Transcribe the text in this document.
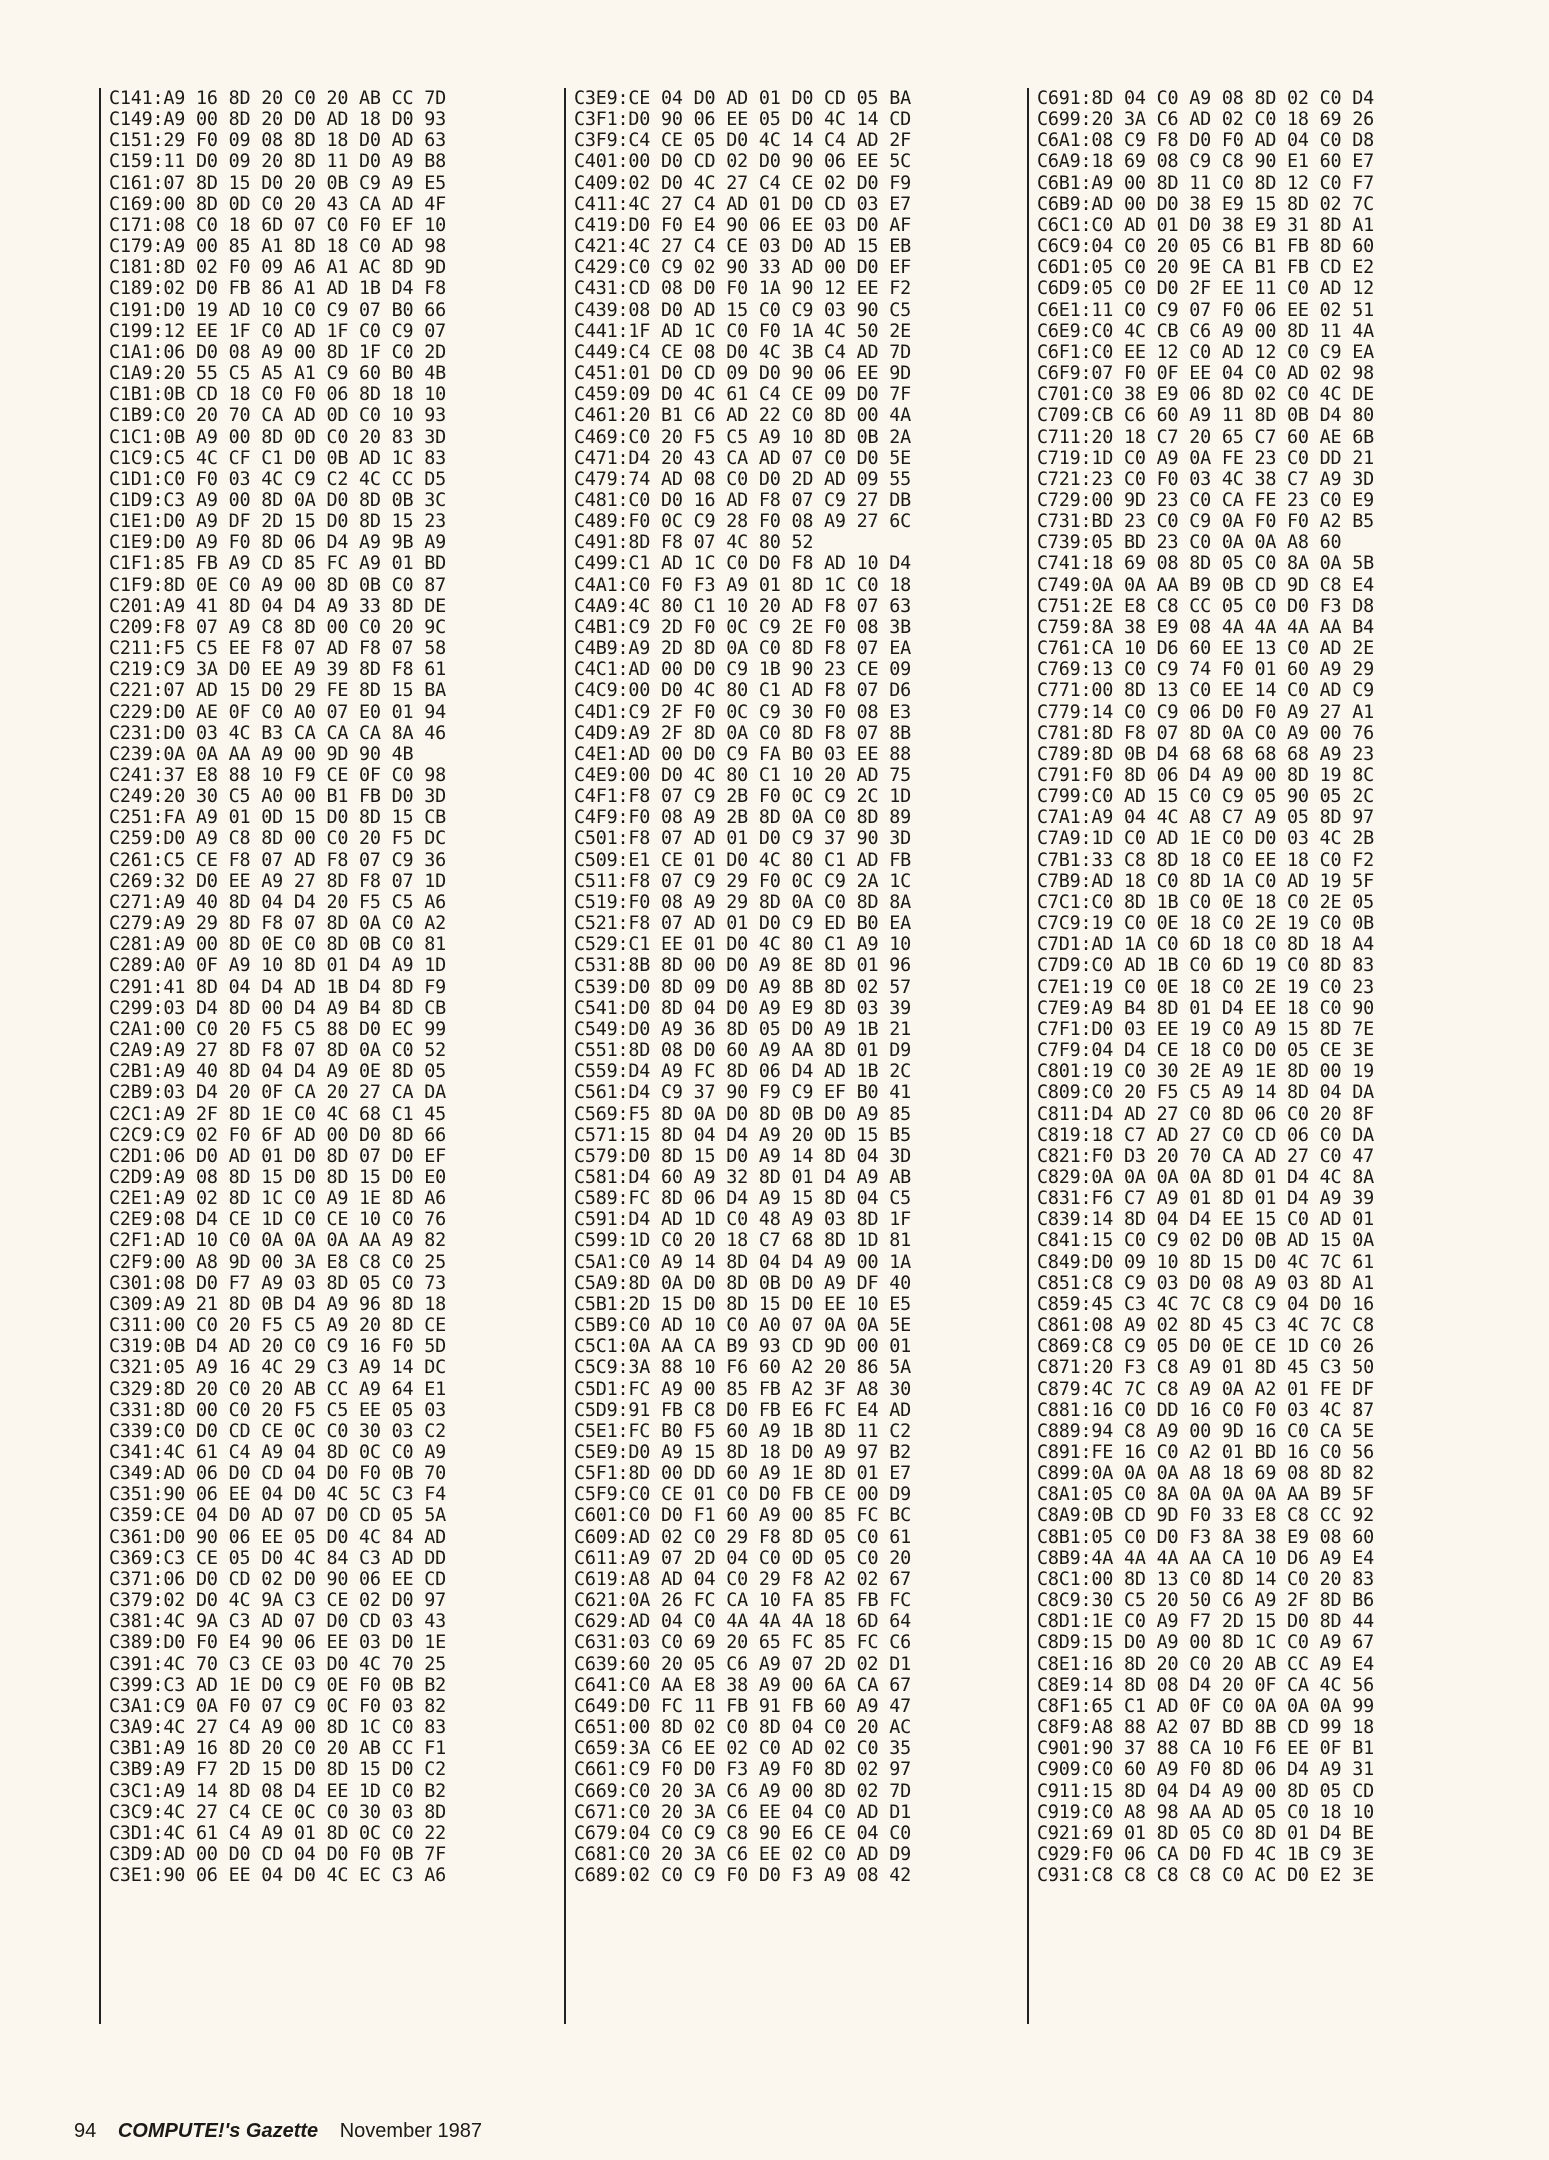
C141:A9 16 8D 20 C0 20 AB CC 7D
C149:A9 00 8D 20 D0 AD 18 D0 93
C151:29 F0 09 08 8D 18 D0 AD 63
C159:11 D0 09 20 8D 11 D0 A9 B8
C161:07 8D 15 D0 20 0B C9 A9 E5
C169:00 8D 0D C0 20 43 CA AD 4F
C171:08 C0 18 6D 07 C0 F0 EF 10
C179:A9 00 85 A1 8D 18 C0 AD 98
C181:8D 02 F0 09 A6 A1 AC 8D 9D
C189:02 D0 FB 86 A1 AD 1B D4 F8
C191:D0 19 AD 10 C0 C9 07 B0 66
C199:12 EE 1F C0 AD 1F C0 C9 07
C1A1:06 D0 08 A9 00 8D 1F C0 2D
C1A9:20 55 C5 A5 A1 C9 60 B0 4B
C1B1:0B CD 18 C0 F0 06 8D 18 10
C1B9:C0 20 70 CA AD 0D C0 10 93
C1C1:0B A9 00 8D 0D C0 20 83 3D
C1C9:C5 4C CF C1 D0 0B AD 1C 83
C1D1:C0 F0 03 4C C9 C2 4C CC D5
C1D9:C3 A9 00 8D 0A D0 8D 0B 3C
C1E1:D0 A9 DF 2D 15 D0 8D 15 23
C1E9:D0 A9 F0 8D 06 D4 A9 9B A9
C1F1:85 FB A9 CD 85 FC A9 01 BD
C1F9:8D 0E C0 A9 00 8D 0B C0 87
C201:A9 41 8D 04 D4 A9 33 8D DE
C209:F8 07 A9 C8 8D 00 C0 20 9C
C211:F5 C5 EE F8 07 AD F8 07 58
C219:C9 3A D0 EE A9 39 8D F8 61
C221:07 AD 15 D0 29 FE 8D 15 BA
C229:D0 AE 0F C0 A0 07 E0 01 94
C231:D0 03 4C B3 CA CA CA 8A 46
C239:0A 0A AA A9 00 9D 90 4B
C241:37 E8 88 10 F9 CE 0F C0 98
C249:20 30 C5 A0 00 B1 FB D0 3D
C251:FA A9 01 0D 15 D0 8D 15 CB
C259:D0 A9 C8 8D 00 C0 20 F5 DC
C261:C5 CE F8 07 AD F8 07 C9 36
C269:32 D0 EE A9 27 8D F8 07 1D
C271:A9 40 8D 04 D4 20 F5 C5 A6
C279:A9 29 8D F8 07 8D 0A C0 A2
C281:A9 00 8D 0E C0 8D 0B C0 81
C289:A0 0F A9 10 8D 01 D4 A9 1D
C291:41 8D 04 D4 AD 1B D4 8D F9
C299:03 D4 8D 00 D4 A9 B4 8D CB
C2A1:00 C0 20 F5 C5 88 D0 EC 99
C2A9:A9 27 8D F8 07 8D 0A C0 52
C2B1:A9 40 8D 04 D4 A9 0E 8D 05
C2B9:03 D4 20 0F CA 20 27 CA DA
C2C1:A9 2F 8D 1E C0 4C 68 C1 45
C2C9:C9 02 F0 6F AD 00 D0 8D 66
C2D1:06 D0 AD 01 D0 8D 07 D0 EF
C2D9:A9 08 8D 15 D0 8D 15 D0 E0
C2E1:A9 02 8D 1C C0 A9 1E 8D A6
C2E9:08 D4 CE 1D C0 CE 10 C0 76
C2F1:AD 10 C0 0A 0A 0A AA A9 82
C2F9:00 A8 9D 00 3A E8 C8 C0 25
C301:08 D0 F7 A9 03 8D 05 C0 73
C309:A9 21 8D 0B D4 A9 96 8D 18
C311:00 C0 20 F5 C5 A9 20 8D CE
C319:0B D4 AD 20 C0 C9 16 F0 5D
C321:05 A9 16 4C 29 C3 A9 14 DC
C329:8D 20 C0 20 AB CC A9 64 E1
C331:8D 00 C0 20 F5 C5 EE 05 03
C339:C0 D0 CD CE 0C C0 30 03 C2
C341:4C 61 C4 A9 04 8D 0C C0 A9
C349:AD 06 D0 CD 04 D0 F0 0B 70
C351:90 06 EE 04 D0 4C 5C C3 F4
C359:CE 04 D0 AD 07 D0 CD 05 5A
C361:D0 90 06 EE 05 D0 4C 84 AD
C369:C3 CE 05 D0 4C 84 C3 AD DD
C371:06 D0 CD 02 D0 90 06 EE CD
C379:02 D0 4C 9A C3 CE 02 D0 97
C381:4C 9A C3 AD 07 D0 CD 03 43
C389:D0 F0 E4 90 06 EE 03 D0 1E
C391:4C 70 C3 CE 03 D0 4C 70 25
C399:C3 AD 1E D0 C9 0E F0 0B B2
C3A1:C9 0A F0 07 C9 0C F0 03 82
C3A9:4C 27 C4 A9 00 8D 1C C0 83
C3B1:A9 16 8D 20 C0 20 AB CC F1
C3B9:A9 F7 2D 15 D0 8D 15 D0 C2
C3C1:A9 14 8D 08 D4 EE 1D C0 B2
C3C9:4C 27 C4 CE 0C C0 30 03 8D
C3D1:4C 61 C4 A9 01 8D 0C C0 22
C3D9:AD 00 D0 CD 04 D0 F0 0B 7F
C3E1:90 06 EE 04 D0 4C EC C3 A6
C3E9:CE 04 D0 AD 01 D0 CD 05 BA
C3F1:D0 90 06 EE 05 D0 4C 14 CD
C3F9:C4 CE 05 D0 4C 14 C4 AD 2F
C401:00 D0 CD 02 D0 90 06 EE 5C
C409:02 D0 4C 27 C4 CE 02 D0 F9
C411:4C 27 C4 AD 01 D0 CD 03 E7
C419:D0 F0 E4 90 06 EE 03 D0 AF
C421:4C 27 C4 CE 03 D0 AD 15 EB
C429:C0 C9 02 90 33 AD 00 D0 EF
C431:CD 08 D0 F0 1A 90 12 EE F2
C439:08 D0 AD 15 C0 C9 03 90 C5
C441:1F AD 1C C0 F0 1A 4C 50 2E
C449:C4 CE 08 D0 4C 3B C4 AD 7D
C451:01 D0 CD 09 D0 90 06 EE 9D
C459:09 D0 4C 61 C4 CE 09 D0 7F
C461:20 B1 C6 AD 22 C0 8D 00 4A
C469:C0 20 F5 C5 A9 10 8D 0B 2A
C471:D4 20 43 CA AD 07 C0 D0 5E
C479:74 AD 08 C0 D0 2D AD 09 55
C481:C0 D0 16 AD F8 07 C9 27 DB
C489:F0 0C C9 28 F0 08 A9 27 6C
C491:8D F8 07 4C 80 52
C499:C1 AD 1C C0 D0 F8 AD 10 D4
C4A1:C0 F0 F3 A9 01 8D 1C C0 18
C4A9:4C 80 C1 10 20 AD F8 07 63
C4B1:C9 2D F0 0C C9 2E F0 08 3B
C4B9:A9 2D 8D 0A C0 8D F8 07 EA
C4C1:AD 00 D0 C9 1B 90 23 CE 09
C4C9:00 D0 4C 80 C1 AD F8 07 D6
C4D1:C9 2F F0 0C C9 30 F0 08 E3
C4D9:A9 2F 8D 0A C0 8D F8 07 8B
C4E1:AD 00 D0 C9 FA B0 03 EE 88
C4E9:00 D0 4C 80 C1 10 20 AD 75
C4F1:F8 07 C9 2B F0 0C C9 2C 1D
C4F9:F0 08 A9 2B 8D 0A C0 8D 89
C501:F8 07 AD 01 D0 C9 37 90 3D
C509:E1 CE 01 D0 4C 80 C1 AD FB
C511:F8 07 C9 29 F0 0C C9 2A 1C
C519:F0 08 A9 29 8D 0A C0 8D 8A
C521:F8 07 AD 01 D0 C9 ED B0 EA
C529:C1 EE 01 D0 4C 80 C1 A9 10
C531:8B 8D 00 D0 A9 8E 8D 01 96
C539:D0 8D 09 D0 A9 8B 8D 02 57
C541:D0 8D 04 D0 A9 E9 8D 03 39
C549:D0 A9 36 8D 05 D0 A9 1B 21
C551:8D 08 D0 60 A9 AA 8D 01 D9
C559:D4 A9 FC 8D 06 D4 AD 1B 2C
C561:D4 C9 37 90 F9 C9 EF B0 41
C569:F5 8D 0A D0 8D 0B D0 A9 85
C571:15 8D 04 D4 A9 20 0D 15 B5
C579:D0 8D 15 D0 A9 14 8D 04 3D
C581:D4 60 A9 32 8D 01 D4 A9 AB
C589:FC 8D 06 D4 A9 15 8D 04 C5
C591:D4 AD 1D C0 48 A9 03 8D 1F
C599:1D C0 20 18 C7 68 8D 1D 81
C5A1:C0 A9 14 8D 04 D4 A9 00 1A
C5A9:8D 0A D0 8D 0B D0 A9 DF 40
C5B1:2D 15 D0 8D 15 D0 EE 10 E5
C5B9:C0 AD 10 C0 A0 07 0A 0A 5E
C5C1:0A AA CA B9 93 CD 9D 00 01
C5C9:3A 88 10 F6 60 A2 20 86 5A
C5D1:FC A9 00 85 FB A2 3F A8 30
C5D9:91 FB C8 D0 FB E6 FC E4 AD
C5E1:FC B0 F5 60 A9 1B 8D 11 C2
C5E9:D0 A9 15 8D 18 D0 A9 97 B2
C5F1:8D 00 DD 60 A9 1E 8D 01 E7
C5F9:C0 CE 01 C0 D0 FB CE 00 D9
C601:C0 D0 F1 60 A9 00 85 FC BC
C609:AD 02 C0 29 F8 8D 05 C0 61
C611:A9 07 2D 04 C0 0D 05 C0 20
C619:A8 AD 04 C0 29 F8 A2 02 67
C621:0A 26 FC CA 10 FA 85 FB FC
C629:AD 04 C0 4A 4A 4A 18 6D 64
C631:03 C0 69 20 65 FC 85 FC C6
C639:60 20 05 C6 A9 07 2D 02 D1
C641:C0 AA E8 38 A9 00 6A CA 67
C649:D0 FC 11 FB 91 FB 60 A9 47
C651:00 8D 02 C0 8D 04 C0 20 AC
C659:3A C6 EE 02 C0 AD 02 C0 35
C661:C9 F0 D0 F3 A9 F0 8D 02 97
C669:C0 20 3A C6 A9 00 8D 02 7D
C671:C0 20 3A C6 EE 04 C0 AD D1
C679:04 C0 C9 C8 90 E6 CE 04 C0
C681:C0 20 3A C6 EE 02 C0 AD D9
C689:02 C0 C9 F0 D0 F3 A9 08 42
C691:8D 04 C0 A9 08 8D 02 C0 D4
C699:20 3A C6 AD 02 C0 18 69 26
C6A1:08 C9 F8 D0 F0 AD 04 C0 D8
C6A9:18 69 08 C9 C8 90 E1 60 E7
C6B1:A9 00 8D 11 C0 8D 12 C0 F7
C6B9:AD 00 D0 38 E9 15 8D 02 7C
C6C1:C0 AD 01 D0 38 E9 31 8D A1
C6C9:04 C0 20 05 C6 B1 FB 8D 60
C6D1:05 C0 20 9E CA B1 FB CD E2
C6D9:05 C0 D0 2F EE 11 C0 AD 12
C6E1:11 C0 C9 07 F0 06 EE 02 51
C6E9:C0 4C CB C6 A9 00 8D 11 4A
C6F1:C0 EE 12 C0 AD 12 C0 C9 EA
C6F9:07 F0 0F EE 04 C0 AD 02 98
C701:C0 38 E9 06 8D 02 C0 4C DE
C709:CB C6 60 A9 11 8D 0B D4 80
C711:20 18 C7 20 65 C7 60 AE 6B
C719:1D C0 A9 0A FE 23 C0 DD 21
C721:23 C0 F0 03 4C 38 C7 A9 3D
C729:00 9D 23 C0 CA FE 23 C0 E9
C731:BD 23 C0 C9 0A F0 F0 A2 B5
C739:05 BD 23 C0 0A 0A A8 60
C741:18 69 08 8D 05 C0 8A 0A 5B
C749:0A 0A AA B9 0B CD 9D C8 E4
C751:2E E8 C8 CC 05 C0 D0 F3 D8
C759:8A 38 E9 08 4A 4A 4A AA B4
C761:CA 10 D6 60 EE 13 C0 AD 2E
C769:13 C0 C9 74 F0 01 60 A9 29
C771:00 8D 13 C0 EE 14 C0 AD C9
C779:14 C0 C9 06 D0 F0 A9 27 A1
C781:8D F8 07 8D 0A C0 A9 00 76
C789:8D 0B D4 68 68 68 68 A9 23
C791:F0 8D 06 D4 A9 00 8D 19 8C
C799:C0 AD 15 C0 C9 05 90 05 2C
C7A1:A9 04 4C A8 C7 A9 05 8D 97
C7A9:1D C0 AD 1E C0 D0 03 4C 2B
C7B1:33 C8 8D 18 C0 EE 18 C0 F2
C7B9:AD 18 C0 8D 1A C0 AD 19 5F
C7C1:C0 8D 1B C0 0E 18 C0 2E 05
C7C9:19 C0 0E 18 C0 2E 19 C0 0B
C7D1:AD 1A C0 6D 18 C0 8D 18 A4
C7D9:C0 AD 1B C0 6D 19 C0 8D 83
C7E1:19 C0 0E 18 C0 2E 19 C0 23
C7E9:A9 B4 8D 01 D4 EE 18 C0 90
C7F1:D0 03 EE 19 C0 A9 15 8D 7E
C7F9:04 D4 CE 18 C0 D0 05 CE 3E
C801:19 C0 30 2E A9 1E 8D 00 19
C809:C0 20 F5 C5 A9 14 8D 04 DA
C811:D4 AD 27 C0 8D 06 C0 20 8F
C819:18 C7 AD 27 C0 CD 06 C0 DA
C821:F0 D3 20 70 CA AD 27 C0 47
C829:0A 0A 0A 0A 8D 01 D4 4C 8A
C831:F6 C7 A9 01 8D 01 D4 A9 39
C839:14 8D 04 D4 EE 15 C0 AD 01
C841:15 C0 C9 02 D0 0B AD 15 0A
C849:D0 09 10 8D 15 D0 4C 7C 61
C851:C8 C9 03 D0 08 A9 03 8D A1
C859:45 C3 4C 7C C8 C9 04 D0 16
C861:08 A9 02 8D 45 C3 4C 7C C8
C869:C8 C9 05 D0 0E CE 1D C0 26
C871:20 F3 C8 A9 01 8D 45 C3 50
C879:4C 7C C8 A9 0A A2 01 FE DF
C881:16 C0 DD 16 C0 F0 03 4C 87
C889:94 C8 A9 00 9D 16 C0 CA 5E
C891:FE 16 C0 A2 01 BD 16 C0 56
C899:0A 0A 0A A8 18 69 08 8D 82
C8A1:05 C0 8A 0A 0A 0A AA B9 5F
C8A9:0B CD 9D F0 33 E8 C8 CC 92
C8B1:05 C0 D0 F3 8A 38 E9 08 60
C8B9:4A 4A 4A AA CA 10 D6 A9 E4
C8C1:00 8D 13 C0 8D 14 C0 20 83
C8C9:30 C5 20 50 C6 A9 2F 8D B6
C8D1:1E C0 A9 F7 2D 15 D0 8D 44
C8D9:15 D0 A9 00 8D 1C C0 A9 67
C8E1:16 8D 20 C0 20 AB CC A9 E4
C8E9:14 8D 08 D4 20 0F CA 4C 56
C8F1:65 C1 AD 0F C0 0A 0A 0A 99
C8F9:A8 88 A2 07 BD 8B CD 99 18
C901:90 37 88 CA 10 F6 EE 0F B1
C909:C0 60 A9 F0 8D 06 D4 A9 31
C911:15 8D 04 D4 A9 00 8D 05 CD
C919:C0 A8 98 AA AD 05 C0 18 10
C921:69 01 8D 05 C0 8D 01 D4 BE
C929:F0 06 CA D0 FD 4C 1B C9 3E
C931:C8 C8 C8 C8 C0 AC D0 E2 3E
94 COMPUTE!'s Gazette November 1987
